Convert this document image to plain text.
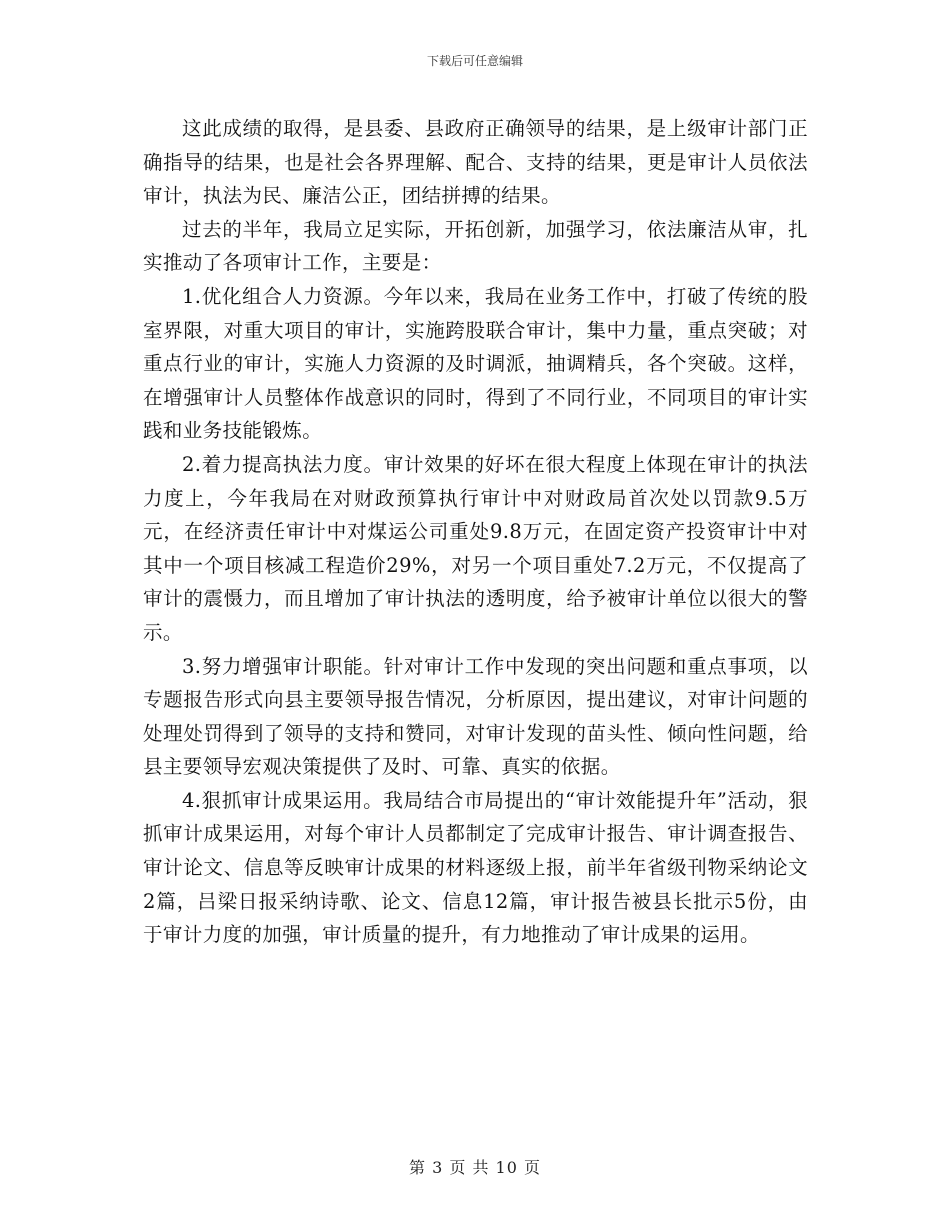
下载后可任意编辑

这此成绩的取得，是县委、县政府正确领导的结果，是上级审计部门正确指导的结果，也是社会各界理解、配合、支持的结果，更是审计人员依法审计，执法为民、廉洁公正，团结拼搏的结果。

过去的半年，我局立足实际，开拓创新，加强学习，依法廉洁从审，扎实推动了各项审计工作，主要是：

1.优化组合人力资源。今年以来，我局在业务工作中，打破了传统的股室界限，对重大项目的审计，实施跨股联合审计，集中力量，重点突破；对重点行业的审计，实施人力资源的及时调派，抽调精兵，各个突破。这样，在增强审计人员整体作战意识的同时，得到了不同行业，不同项目的审计实践和业务技能锻炼。

2.着力提高执法力度。审计效果的好坏在很大程度上体现在审计的执法力度上，今年我局在对财政预算执行审计中对财政局首次处以罚款9.5万元，在经济责任审计中对煤运公司重处9.8万元，在固定资产投资审计中对其中一个项目核减工程造价29%，对另一个项目重处7.2万元，不仅提高了审计的震慑力，而且增加了审计执法的透明度，给予被审计单位以很大的警示。

3.努力增强审计职能。针对审计工作中发现的突出问题和重点事项，以专题报告形式向县主要领导报告情况，分析原因，提出建议，对审计问题的处理处罚得到了领导的支持和赞同，对审计发现的苗头性、倾向性问题，给县主要领导宏观决策提供了及时、可靠、真实的依据。

4.狠抓审计成果运用。我局结合市局提出的“审计效能提升年”活动，狠抓审计成果运用，对每个审计人员都制定了完成审计报告、审计调查报告、审计论文、信息等反映审计成果的材料逐级上报，前半年省级刊物采纳论文2篇，吕梁日报采纳诗歌、论文、信息12篇，审计报告被县长批示5份，由于审计力度的加强，审计质量的提升，有力地推动了审计成果的运用。

第 3 页 共 10 页
